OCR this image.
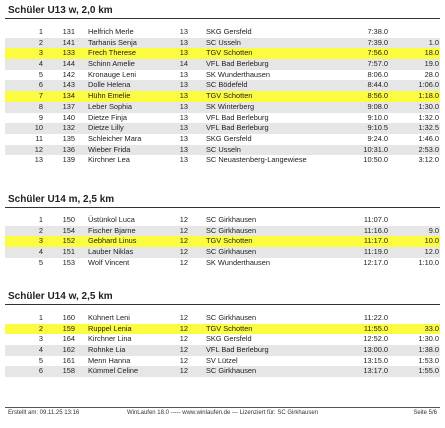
Schüler U13 w, 2,0 km
1	131 Helfrich Merle	13 SKG Gersfeld	7:38.0
2	141 Tarhanis Senja	13 SC Usseln	7:39.0	1.0
3	133 Frech Therese	13 TGV Schotten	7:56.0	18.0
4	144 Schinn Amelie	14 VFL Bad Berleburg	7:57.0	19.0
5	142 Kronauge Leni	13 SK Wunderthausen	8:06.0	28.0
6	143 Dolle Helena	13 SC Bödefeld	8:44.0	1:06.0
7	134 Hühn Emelie	13 TGV Schotten	8:56.0	1:18.0
8	137 Leber Sophia	13 SK Winterberg	9:08.0	1:30.0
9	140 Dietze Finja	13 VFL Bad Berleburg	9:10.0	1:32.0
10	132 Dietze Lilly	13 VFL Bad Berleburg	9:10.5	1:32.5
11	135 Schleicher Mara	13 SKG Gersfeld	9:24.0	1:46.0
12	136 Wieber Frida	13 SC Usseln	10:31.0	2:53.0
13	139 Kirchner Lea	13 SC Neuastenberg-Langewiese	10:50.0	3:12.0
Schüler U14 m, 2,5 km
1	150 Üstünkol Luca	12 SC Girkhausen	11:07.0
2	154 Fischer Bjarne	12 SC Girkhausen	11:16.0	9.0
3	152 Gebhard Linus	12 TGV Schotten	11:17.0	10.0
4	151 Lauber Niklas	12 SC Girkhausen	11:19.0	12.0
5	153 Wolf Vincent	12 SK Wunderthausen	12:17.0	1:10.0
Schüler U14 w, 2,5 km
1	160 Kühnert Leni	12 SC Girkhausen	11:22.0
2	159 Ruppel Lenia	12 TGV Schotten	11:55.0	33.0
3	164 Kirchner Lina	12 SKG Gersfeld	12:52.0	1:30.0
4	162 Rohnke Lia	12 VFL Bad Berleburg	13:00.0	1:38.0
5	161 Menn Hanna	12 SV Lützel	13:15.0	1:53.0
6	158 Kümmel Celine	12 SC Girkhausen	13:17.0	1:55.0
Erstellt am: 09.11.25 13:16	WinLaufen 18.0 ----- www.winlaufen.de --- Lizenziert für: SC Girkhausen	Seite 5/6
